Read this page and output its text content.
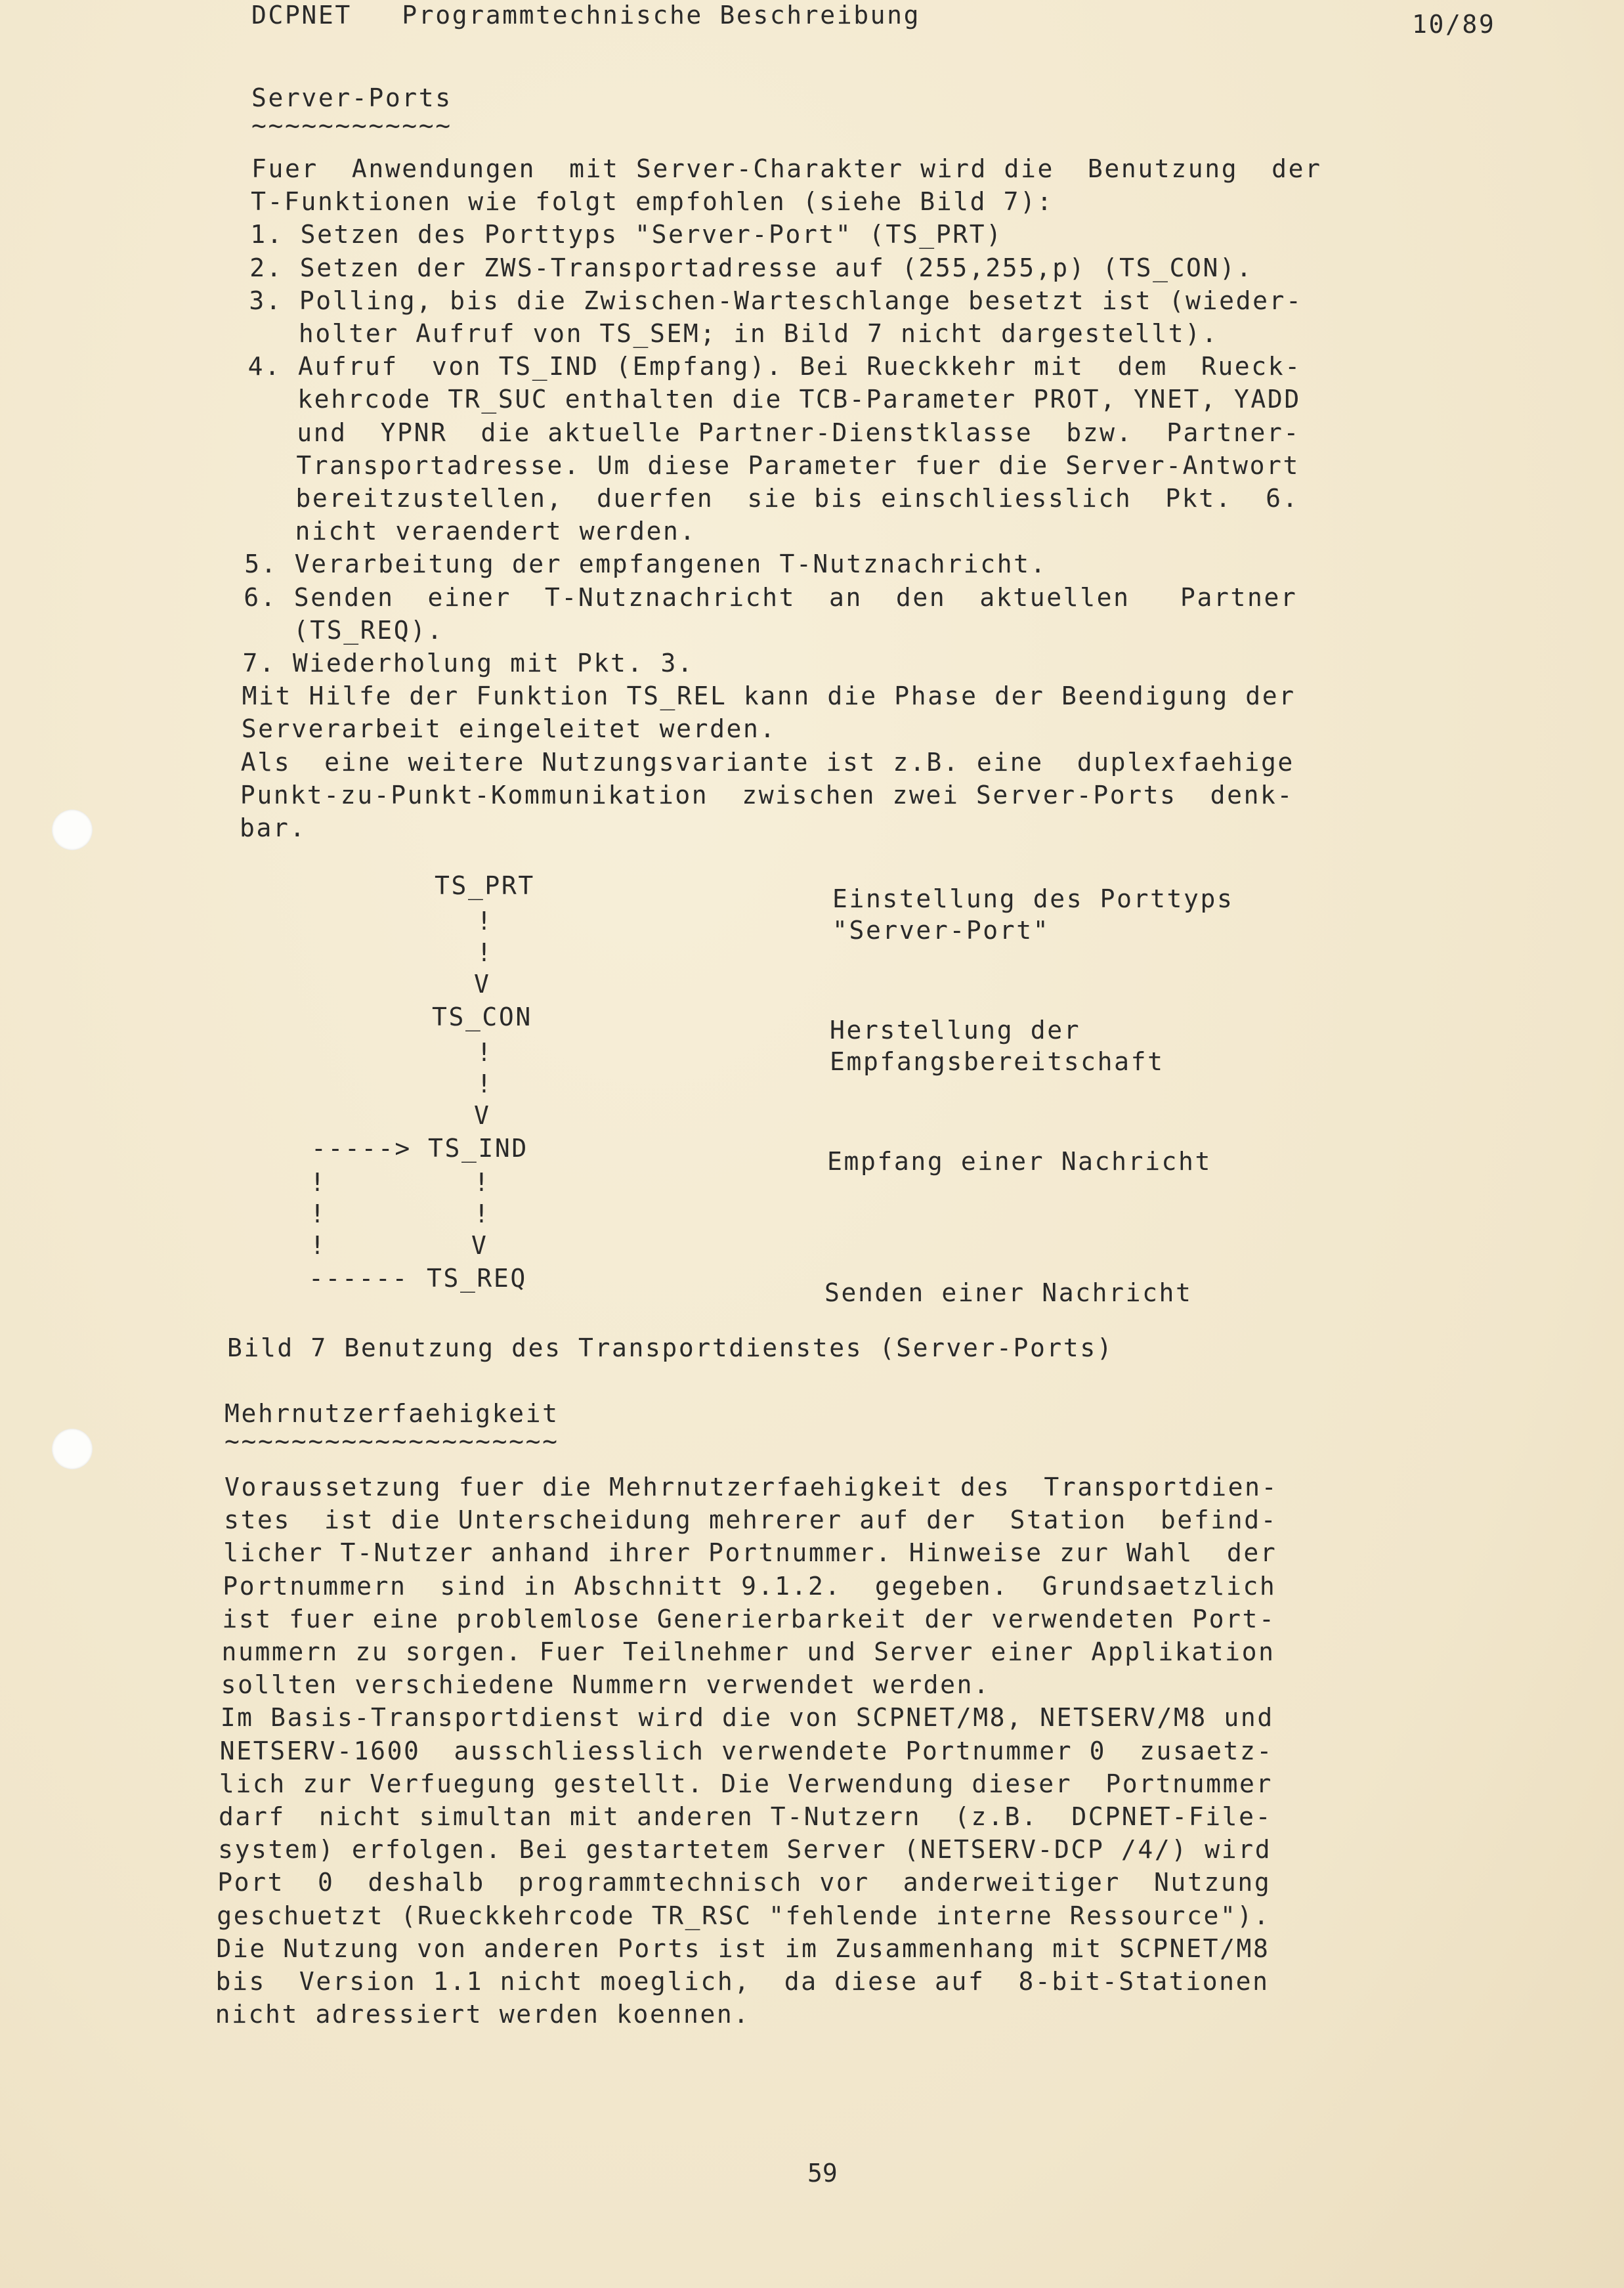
DCPNET   Programmtechnische Beschreibung	10/89
Server-Ports
~~~~~~~~~~~~
Fuer  Anwendungen  mit Server-Charakter wird die  Benutzung  der
T-Funktionen wie folgt empfohlen (siehe Bild 7):
1. Setzen des Porttyps "Server-Port" (TS_PRT)
2. Setzen der ZWS-Transportadresse auf (255,255,p) (TS_CON).
3. Polling, bis die Zwischen-Warteschlange besetzt ist (wieder-
holter Aufruf von TS_SEM; in Bild 7 nicht dargestellt).
4. Aufruf  von TS_IND (Empfang). Bei Rueckkehr mit  dem  Rueck-
kehrcode TR_SUC enthalten die TCB-Parameter PROT, YNET, YADD
und  YPNR  die aktuelle Partner-Dienstklasse  bzw.  Partner-
Transportadresse. Um diese Parameter fuer die Server-Antwort
bereitzustellen,  duerfen  sie bis einschliesslich  Pkt.  6.
nicht veraendert werden.
5. Verarbeitung der empfangenen T-Nutznachricht.
6. Senden  einer  T-Nutznachricht  an  den  aktuellen   Partner
(TS_REQ).
7. Wiederholung mit Pkt. 3.
Mit Hilfe der Funktion TS_REL kann die Phase der Beendigung der
Serverarbeit eingeleitet werden.
Als  eine weitere Nutzungsvariante ist z.B. eine  duplexfaehige
Punkt-zu-Punkt-Kommunikation  zwischen zwei Server-Ports  denk-
bar.
TS_PRT
!
!
V
TS_CON
!
!
V
-----> TS_IND
!	!
!	!
!	V
------ TS_REQ
Einstellung des Porttyps
"Server-Port"
Herstellung der
Empfangsbereitschaft
Empfang einer Nachricht
Senden einer Nachricht
Bild 7 Benutzung des Transportdienstes (Server-Ports)
Mehrnutzerfaehigkeit
~~~~~~~~~~~~~~~~~~~~
Voraussetzung fuer die Mehrnutzerfaehigkeit des  Transportdien-
stes  ist die Unterscheidung mehrerer auf der  Station  befind-
licher T-Nutzer anhand ihrer Portnummer. Hinweise zur Wahl  der
Portnummern  sind in Abschnitt 9.1.2.  gegeben.  Grundsaetzlich
ist fuer eine problemlose Generierbarkeit der verwendeten Port-
nummern zu sorgen. Fuer Teilnehmer und Server einer Applikation
sollten verschiedene Nummern verwendet werden.
Im Basis-Transportdienst wird die von SCPNET/M8, NETSERV/M8 und
NETSERV-1600  ausschliesslich verwendete Portnummer 0  zusaetz-
lich zur Verfuegung gestellt. Die Verwendung dieser  Portnummer
darf  nicht simultan mit anderen T-Nutzern  (z.B.  DCPNET-File-
system) erfolgen. Bei gestartetem Server (NETSERV-DCP /4/) wird
Port  0  deshalb  programmtechnisch vor  anderweitiger  Nutzung
geschuetzt (Rueckkehrcode TR_RSC "fehlende interne Ressource").
Die Nutzung von anderen Ports ist im Zusammenhang mit SCPNET/M8
bis  Version 1.1 nicht moeglich,  da diese auf  8-bit-Stationen
nicht adressiert werden koennen.
59
